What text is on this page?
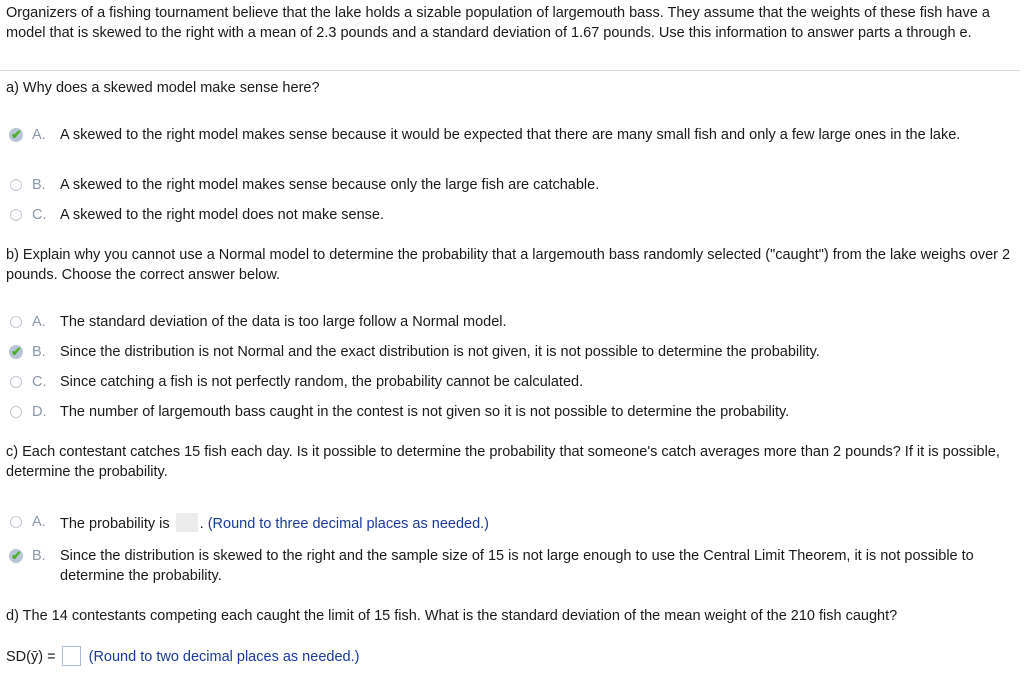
Organizers of a fishing tournament believe that the lake holds a sizable population of largemouth bass. They assume that the weights of these fish have a model that is skewed to the right with a mean of 2.3 pounds and a standard deviation of 1.67 pounds. Use this information to answer parts a through e.
a) Why does a skewed model make sense here?
✔ A. A skewed to the right model makes sense because it would be expected that there are many small fish and only a few large ones in the lake.
B. A skewed to the right model makes sense because only the large fish are catchable.
C. A skewed to the right model does not make sense.
b) Explain why you cannot use a Normal model to determine the probability that a largemouth bass randomly selected ("caught") from the lake weighs over 2 pounds. Choose the correct answer below.
A. The standard deviation of the data is too large follow a Normal model.
✔ B. Since the distribution is not Normal and the exact distribution is not given, it is not possible to determine the probability.
C. Since catching a fish is not perfectly random, the probability cannot be calculated.
D. The number of largemouth bass caught in the contest is not given so it is not possible to determine the probability.
c) Each contestant catches 15 fish each day. Is it possible to determine the probability that someone's catch averages more than 2 pounds? If it is possible, determine the probability.
A. The probability is . (Round to three decimal places as needed.)
✔ B. Since the distribution is skewed to the right and the sample size of 15 is not large enough to use the Central Limit Theorem, it is not possible to determine the probability.
d) The 14 contestants competing each caught the limit of 15 fish. What is the standard deviation of the mean weight of the 210 fish caught?
SD(ȳ) = (Round to two decimal places as needed.)
